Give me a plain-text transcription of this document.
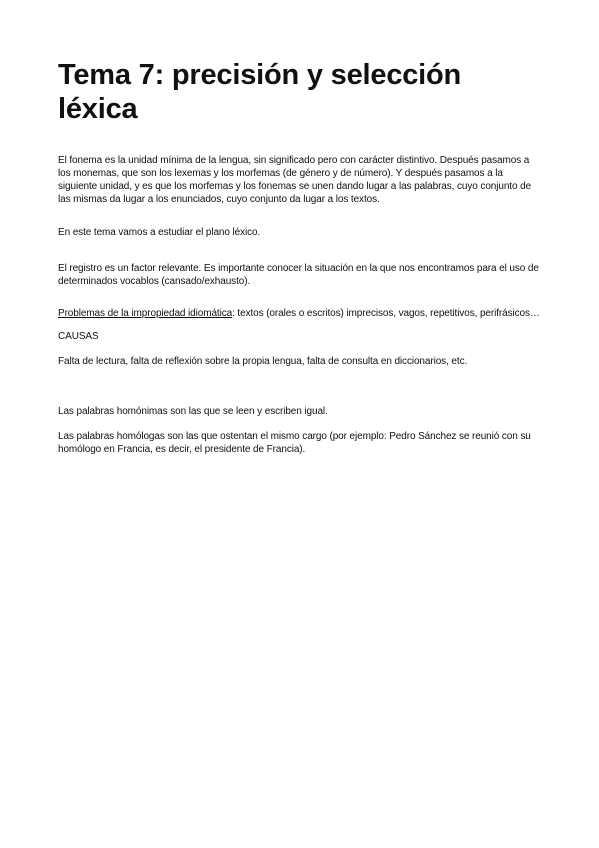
Tema 7: precisión y selección léxica

El fonema es la unidad mínima de la lengua, sin significado pero con carácter distintivo. Después pasamos a los monemas, que son los lexemas y los morfemas (de género y de número). Y después pasamos a la siguiente unidad, y es que los morfemas y los fonemas se unen dando lugar a las palabras, cuyo conjunto de las mismas da lugar a los enunciados, cuyo conjunto da lugar a los textos.

En este tema vamos a estudiar el plano léxico.

El registro es un factor relevante. Es importante conocer la situación en la que nos encontramos para el uso de determinados vocablos (cansado/exhausto).

Problemas de la impropiedad idiomática: textos (orales o escritos) imprecisos, vagos, repetitivos, perifrásicos…

CAUSAS

Falta de lectura, falta de reflexión sobre la propia lengua, falta de consulta en diccionarios, etc.

Las palabras homónimas son las que se leen y escriben igual.

Las palabras homólogas son las que ostentan el mismo cargo (por ejemplo: Pedro Sánchez se reunió con su homólogo en Francia, es decir, el presidente de Francia).
